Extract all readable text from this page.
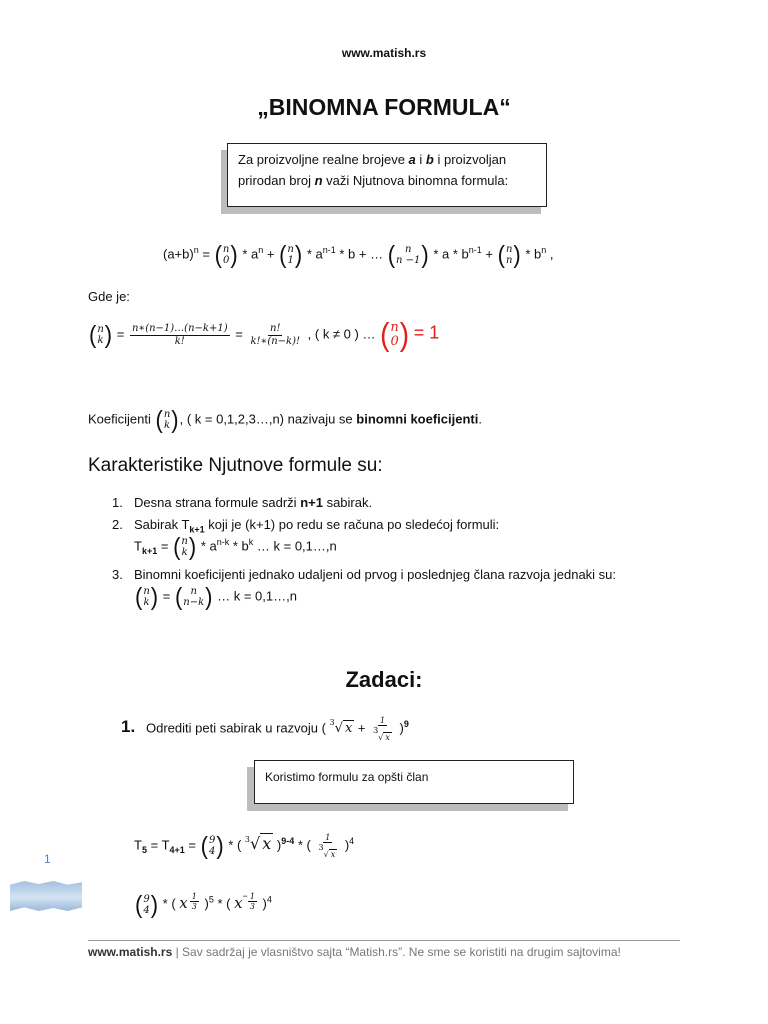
www.matish.rs
„BINOMNA FORMULA“
Za proizvoljne realne brojeve a i b i proizvoljan prirodan broj n važi Njutnova binomna formula:
$(a+b)^n$ = ( n
0 ) * $a^n$ + ( n
1 ) * $a^{n-1}$ * b + … ( n
n −1 ) * a * $b^{n-1}$ + ( n
n ) * $b^n$ ,
Gde je:
( n
k ) = $\frac{n∗(n-1)\dots(n-k+1)}{k!} = \frac{n!}{k!∗(n-k)!}$ , ( k ≠ 0 ) … ( n
0 ) = 1
Koeficijenti ( n
k ) , ( k = 0,1,2,3…,n) nazivaju se binomni koeficijenti.
Karakteristike Njutnove formule su:
1. Desna strana formule sadrži n+1 sabirak.
2. Sabirak $T_{k+1}$ koji je (k+1) po redu se računa po sledećoj formuli:
$T_{k+1}$ = ( n
k ) * $a^{n-k} * b^k$ … k = 0,1…,n
3. Binomni koeficijenti jednako udaljeni od prvog i poslednjeg člana razvoja jednaki su:
( n
k ) = ( n
n−k ) … k = 0,1…,n
Zadaci:
1. Odrediti peti sabirak u razvoju ( $^3$√ $x + \frac{1}{3√ x} )^9$
Koristimo formulu za opšti član
$T_5 = T_{4+1}$ = ( 9
4 ) * ( $^3$√ x )$^{9-4}$ * ( $\frac{1}{3√ x} )^4$
( 9
4 ) * ( x $\frac{1}{3} )^5$ * ( $x^- \frac{1}{3} )^4$
1
www.matish.rs | Sav sadržaj je vlasništvo sajta “Matish.rs”. Ne sme se koristiti na drugim sajtovima!
